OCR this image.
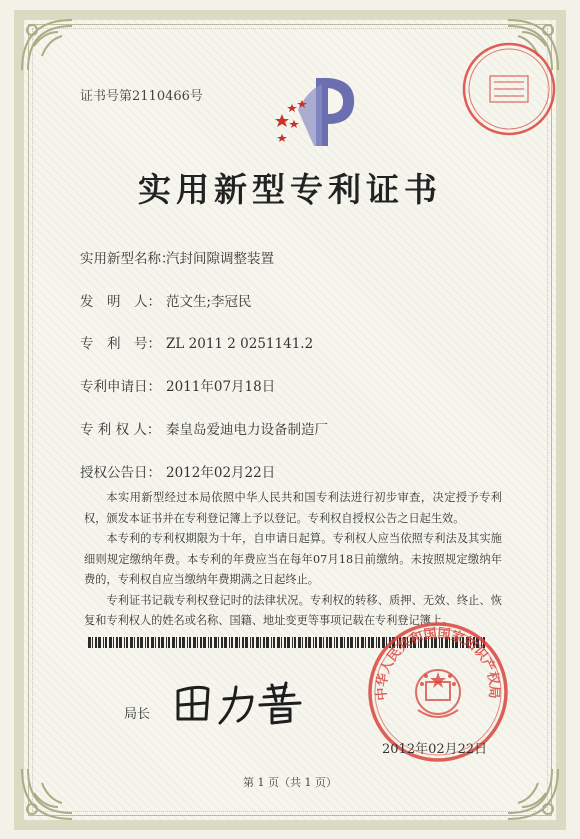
证书号第2110466号
实用新型专利证书
实用新型名称：汽封间隙调整装置
发　明　人： 范文生;李冠民
专　利　号： ZL 2011 2 0251141.2
专利申请日： 2011年07月18日
专 利 权 人： 秦皇岛爱迪电力设备制造厂
授权公告日： 2012年02月22日

本实用新型经过本局依照中华人民共和国专利法进行初步审查，决定授予专利权，颁发本证书并在专利登记簿上予以登记。专利权自授权公告之日起生效。

本专利的专利权期限为十年，自申请日起算。专利权人应当依照专利法及其实施细则规定缴纳年费。本专利的年费应当在每年07月18日前缴纳。未按照规定缴纳年费的，专利权自应当缴纳年费期满之日起终止。

专利证书记载专利权登记时的法律状况。专利权的转移、质押、无效、终止、恢复和专利权人的姓名或名称、国籍、地址变更等事项记载在专利登记簿上。

局长
中华人民共和国国家知识产权局
2012年02月22日
第 1 页（共 1 页）
